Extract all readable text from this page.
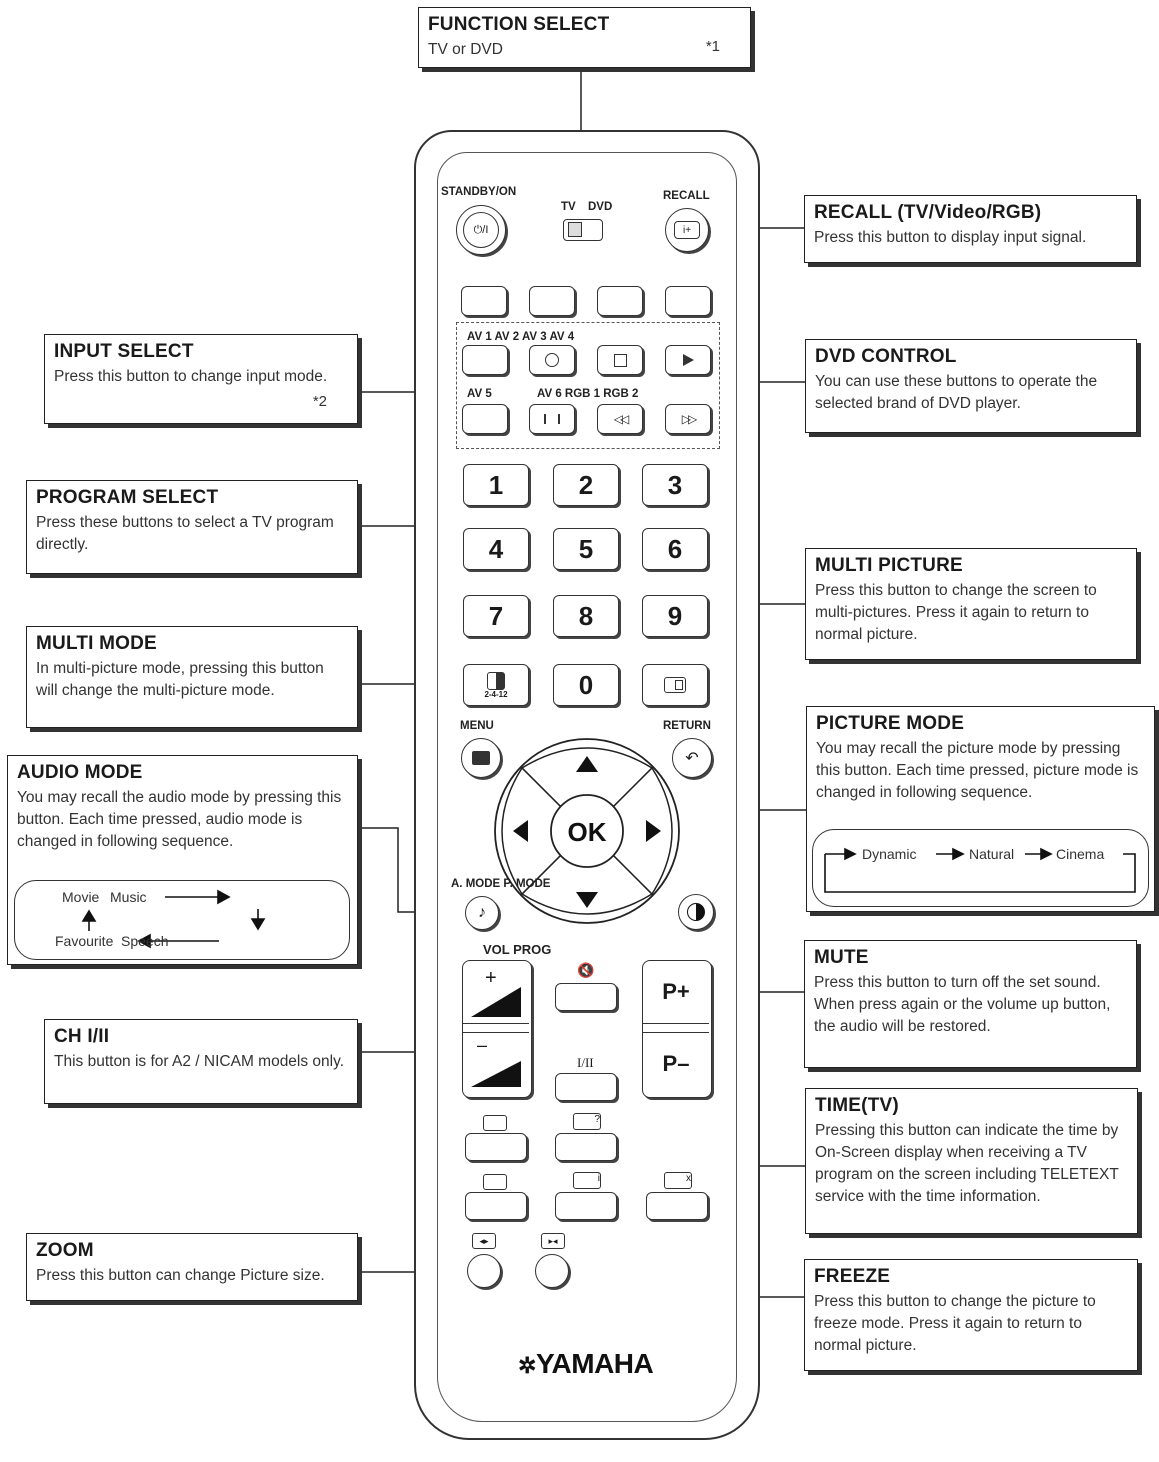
STANDBY/ON
⏻/I
TV DVD
RECALL
i+
AV 1 AV 2 AV 3 AV 4
AV 5	AV 6 RGB 1 RGB 2
◁◁	▷▷
1	2	3
4	5	6
7	8	9
2-4-12	0
MENU	RETURN
↶
OK
A. MODE P. MODE
♪
VOL PROG
+
–
🔇
P+
P–
I/II
?
i	x
◂▸	▸◂
✲YAMAHA
FUNCTION SELECT

TV or DVD	*1
RECALL (TV/Video/RGB)

Press this button to display input signal.

INPUT SELECT

Press this button to change input mode.

*2
DVD CONTROL

You can use these buttons to operate the selected brand of DVD player.

PROGRAM SELECT

Press these buttons to select a TV program directly.

MULTI PICTURE

Press this button to change the screen to multi-pictures. Press it again to return to normal picture.

MULTI MODE

In multi-picture mode, pressing this button will change the multi-picture mode.

PICTURE MODE

You may recall the picture mode by pressing this button. Each time pressed, picture mode is changed in following sequence.

Dynamic	Natural	Cinema
AUDIO MODE

You may recall the audio mode by pressing this button. Each time pressed, audio mode is changed in following sequence.

Movie Music
Speech
Favourite
MUTE

Press this button to turn off the set sound. When press again or the volume up button, the audio will be restored.

CH I/II

This button is for A2 / NICAM models only.

TIME(TV)

Pressing this button can indicate the time by On-Screen display when receiving a TV program on the screen including TELETEXT service with the time information.

ZOOM

Press this button can change Picture size.	FREEZE

Press this button to change the picture to freeze mode. Press it again to return to normal picture.
